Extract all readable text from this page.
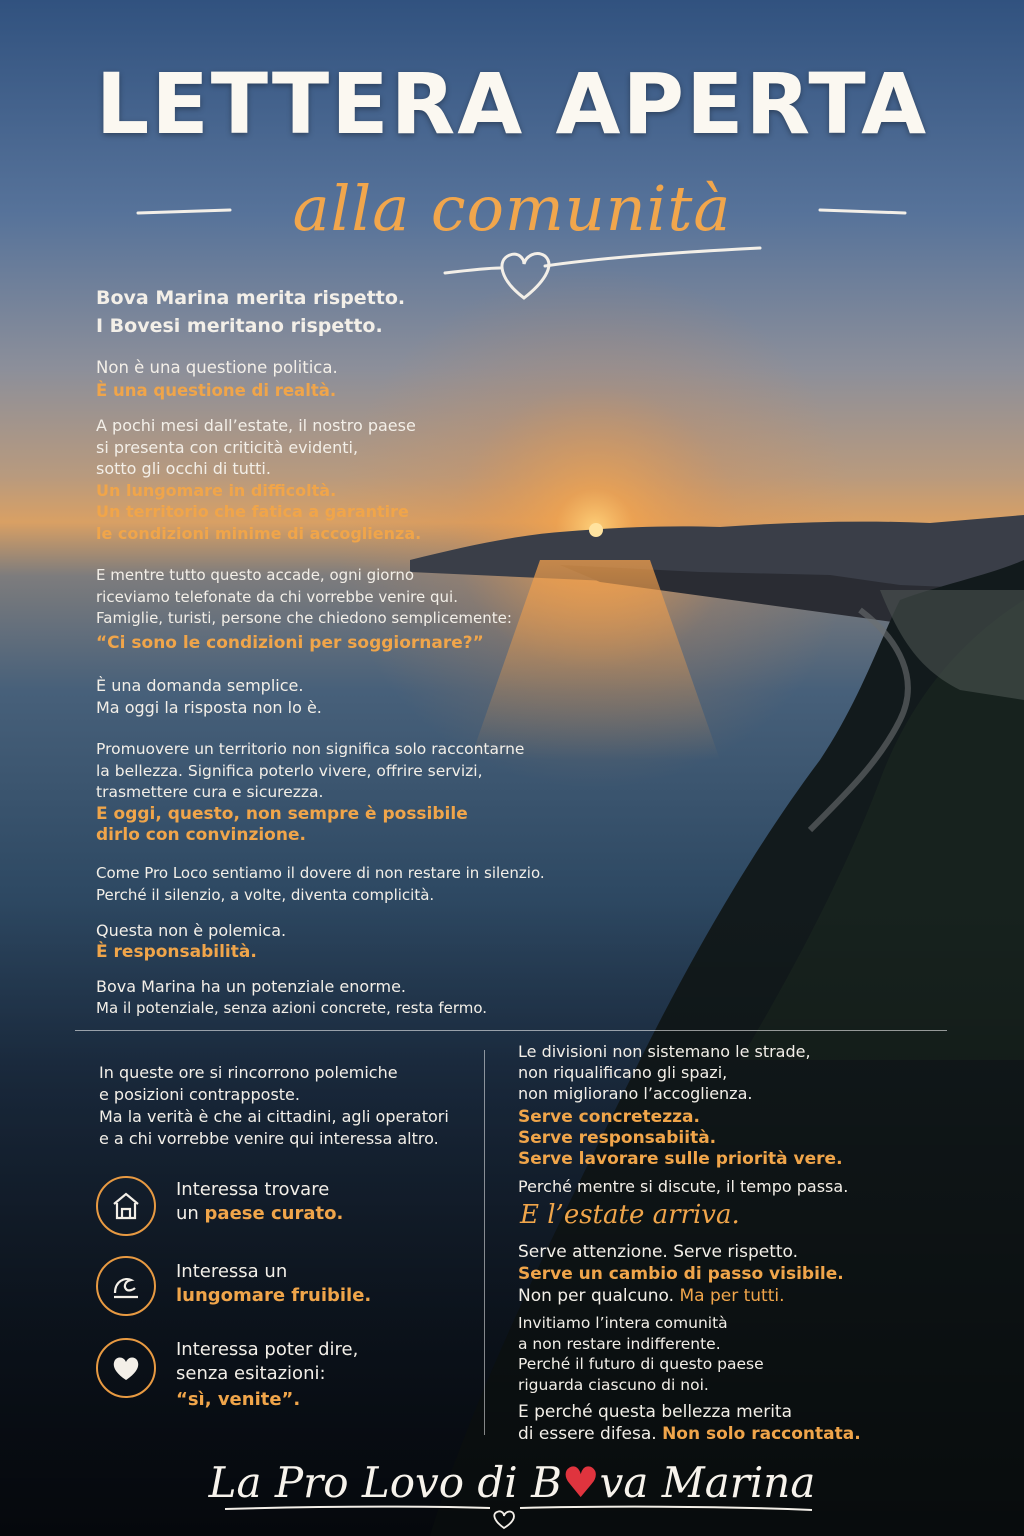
LETTERA APERTA
alla comunità
Bova Marina merita rispetto.
I Bovesi meritano rispetto.
Non è una questione politica.
È una questione di realtà.
A pochi mesi dall’estate, il nostro paese
si presenta con criticità evidenti,
sotto gli occhi di tutti.
Un lungomare in difficoltà.
Un territorio che fatica a garantire
le condizioni minime di accoglienza.
E mentre tutto questo accade, ogni giorno
riceviamo telefonate da chi vorrebbe venire qui.
Famiglie, turisti, persone che chiedono semplicemente:
“Ci sono le condizioni per soggiornare?”
È una domanda semplice.
Ma oggi la risposta non lo è.
Promuovere un territorio non significa solo raccontarne
la bellezza. Significa poterlo vivere, offrire servizi,
trasmettere cura e sicurezza.
E oggi, questo, non sempre è possibile
dirlo con convinzione.
Come Pro Loco sentiamo il dovere di non restare in silenzio.
Perché il silenzio, a volte, diventa complicità.
Questa non è polemica.
È responsabilità.
Bova Marina ha un potenziale enorme.
Ma il potenziale, senza azioni concrete, resta fermo.
In queste ore si rincorrono polemiche
e posizioni contrapposte.
Ma la verità è che ai cittadini, agli operatori
e a chi vorrebbe venire qui interessa altro.
Interessa trovare
un paese curato.
Interessa un
lungomare fruibile.
Interessa poter dire,
senza esitazioni:
“sì, venite”.
Le divisioni non sistemano le strade,
non riqualificano gli spazi,
non migliorano l’accoglienza.
Serve concretezza.
Serve responsabiità.
Serve lavorare sulle priorità vere.
Perché mentre si discute, il tempo passa.
E l’estate arriva.
Serve attenzione. Serve rispetto.
Serve un cambio di passo visibile.
Non per qualcuno. Ma per tutti.
Invitiamo l’intera comunità
a non restare indifferente.
Perché il futuro di questo paese
riguarda ciascuno di noi.
E perché questa bellezza merita
di essere difesa. Non solo raccontata.
La Pro Lovo di B♥va Marina
